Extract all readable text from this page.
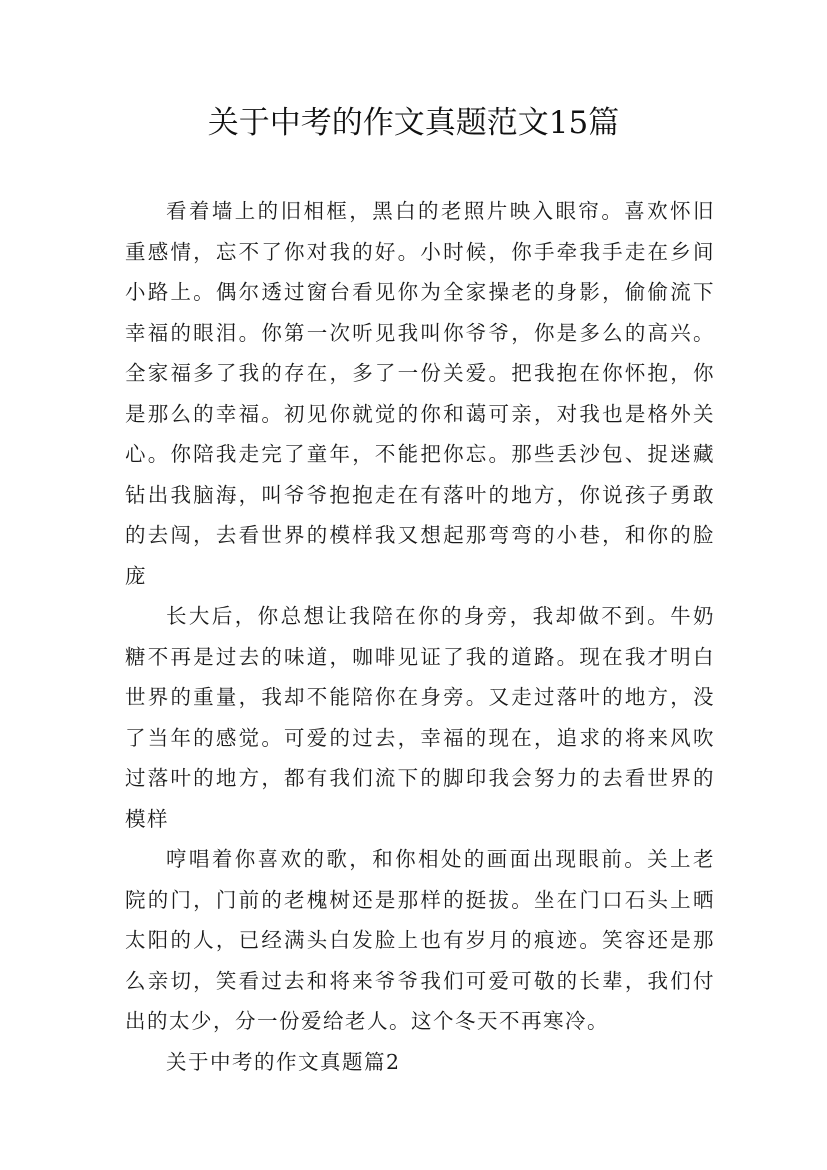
关于中考的作文真题范文15篇

看着墙上的旧相框，黑白的老照片映入眼帘。喜欢怀旧重感情，忘不了你对我的好。小时候，你手牵我手走在乡间小路上。偶尔透过窗台看见你为全家操老的身影，偷偷流下幸福的眼泪。你第一次听见我叫你爷爷，你是多么的高兴。全家福多了我的存在，多了一份关爱。把我抱在你怀抱，你是那么的幸福。初见你就觉的你和蔼可亲，对我也是格外关心。你陪我走完了童年，不能把你忘。那些丢沙包、捉迷藏钻出我脑海，叫爷爷抱抱走在有落叶的地方，你说孩子勇敢的去闯，去看世界的模样我又想起那弯弯的小巷，和你的脸庞

长大后，你总想让我陪在你的身旁，我却做不到。牛奶糖不再是过去的味道，咖啡见证了我的道路。现在我才明白世界的重量，我却不能陪你在身旁。又走过落叶的地方，没了当年的感觉。可爱的过去，幸福的现在，追求的将来风吹过落叶的地方，都有我们流下的脚印我会努力的去看世界的模样

哼唱着你喜欢的歌，和你相处的画面出现眼前。关上老院的门，门前的老槐树还是那样的挺拔。坐在门口石头上晒太阳的人，已经满头白发脸上也有岁月的痕迹。笑容还是那么亲切，笑看过去和将来爷爷我们可爱可敬的长辈，我们付出的太少，分一份爱给老人。这个冬天不再寒冷。

关于中考的作文真题篇2
